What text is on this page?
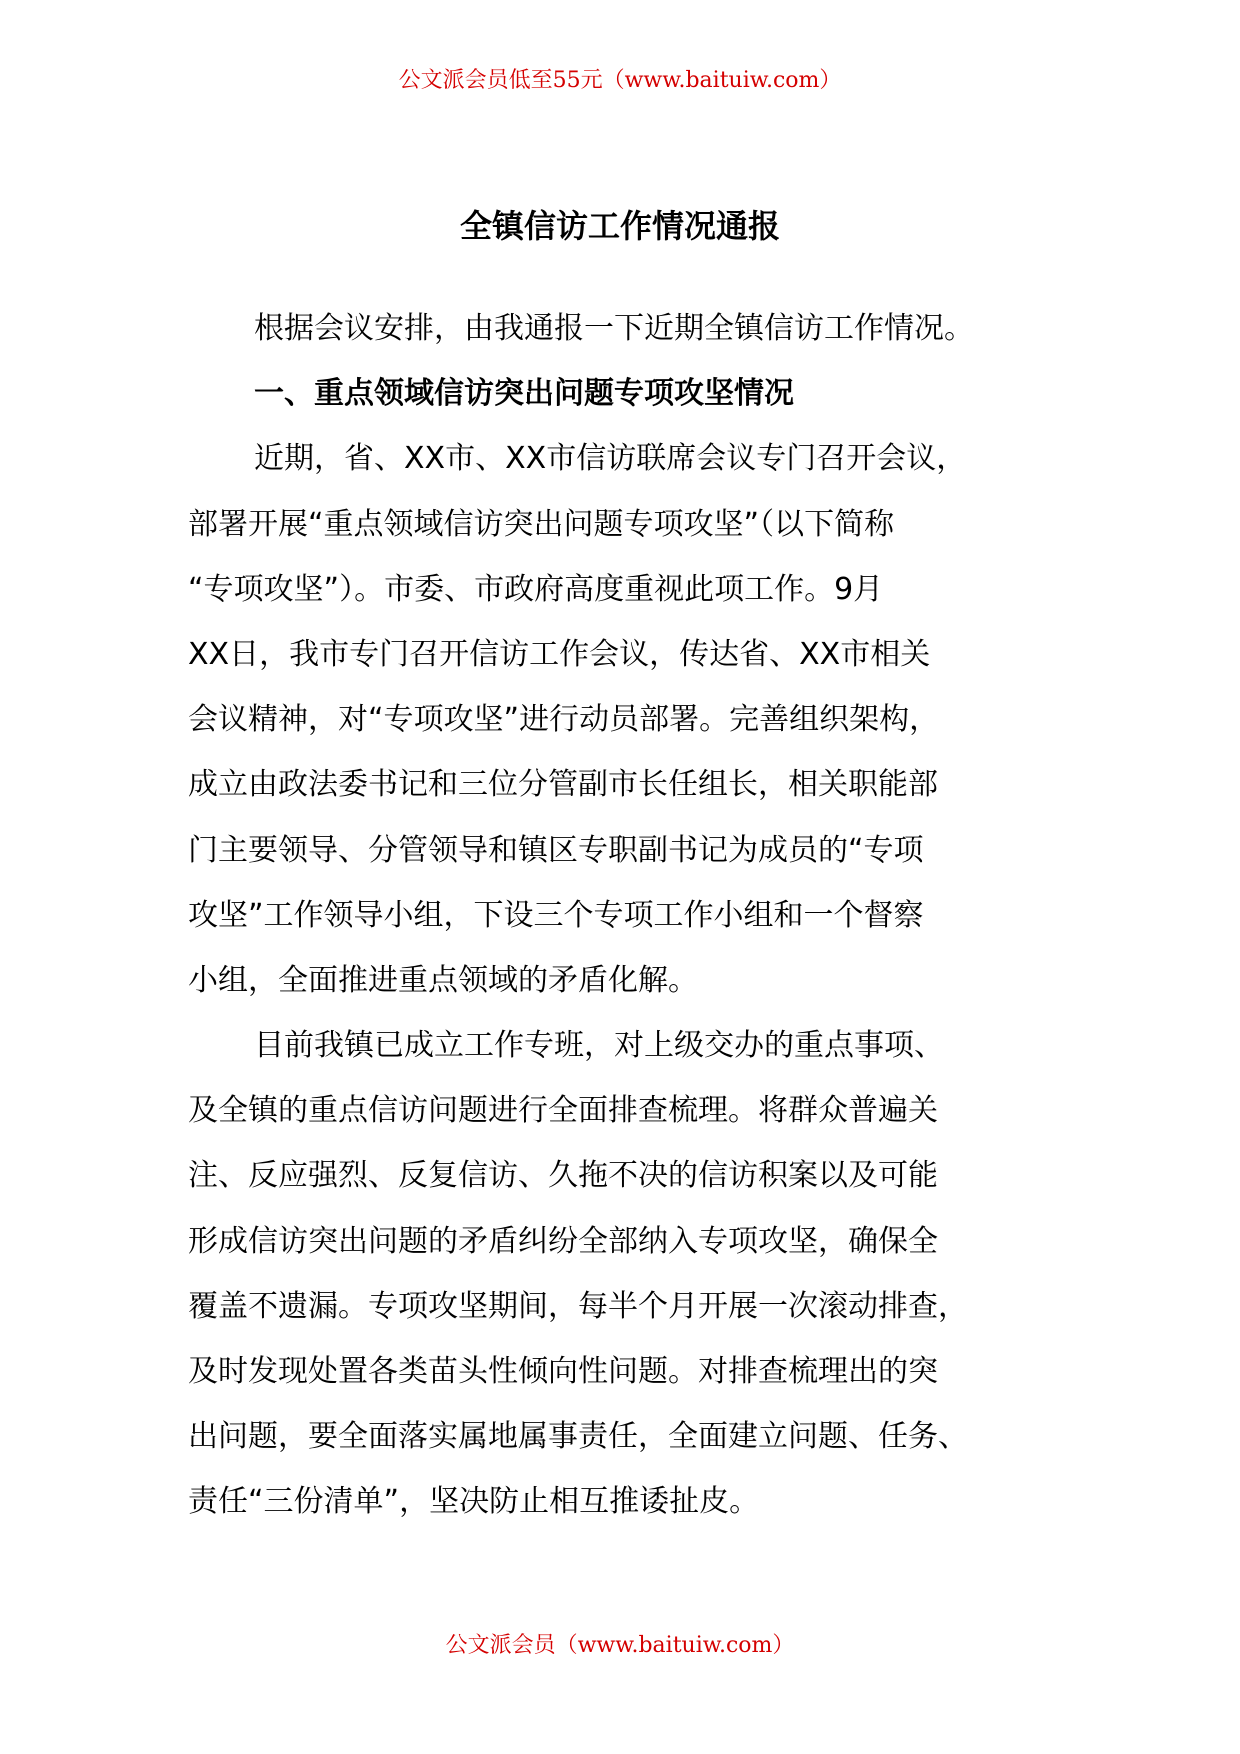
公文派会员低至55元（www.baituiw.com）
全镇信访工作情况通报
根据会议安排，由我通报一下近期全镇信访工作情况。
一、重点领域信访突出问题专项攻坚情况
近期，省、XX市、XX市信访联席会议专门召开会议，
部署开展“重点领域信访突出问题专项攻坚”（以下简称
“专项攻坚”）。市委、市政府高度重视此项工作。9月
XX日，我市专门召开信访工作会议，传达省、XX市相关
会议精神，对“专项攻坚”进行动员部署。完善组织架构，
成立由政法委书记和三位分管副市长任组长，相关职能部
门主要领导、分管领导和镇区专职副书记为成员的“专项
攻坚”工作领导小组，下设三个专项工作小组和一个督察
小组，全面推进重点领域的矛盾化解。
目前我镇已成立工作专班，对上级交办的重点事项、
及全镇的重点信访问题进行全面排查梳理。将群众普遍关
注、反应强烈、反复信访、久拖不决的信访积案以及可能
形成信访突出问题的矛盾纠纷全部纳入专项攻坚，确保全
覆盖不遗漏。专项攻坚期间，每半个月开展一次滚动排查，
及时发现处置各类苗头性倾向性问题。对排查梳理出的突
出问题，要全面落实属地属事责任，全面建立问题、任务、
责任“三份清单”，坚决防止相互推诿扯皮。
公文派会员（www.baituiw.com）
